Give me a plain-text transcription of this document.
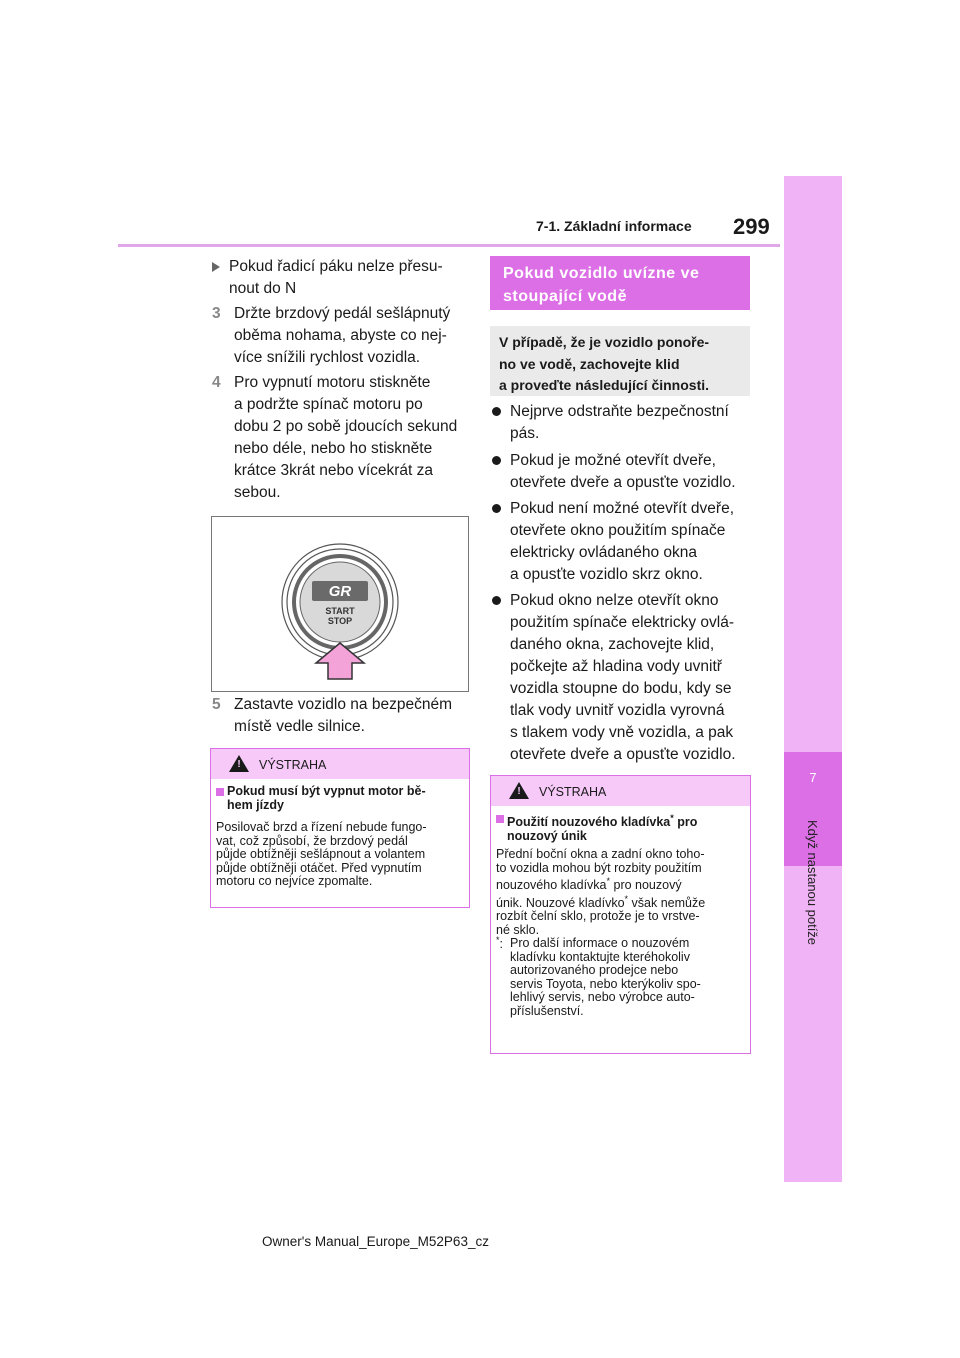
7-1. Základní informace 299
7
Když nastanou potíže
Pokud řadicí páku nelze přesu-
nout do N
3 Držte brzdový pedál sešlápnutý
oběma nohama, abyste co nej-
více snížili rychlost vozidla.
4 Pro vypnutí motoru stiskněte
a podržte spínač motoru po
dobu 2 po sobě jdoucích sekund
nebo déle, nebo ho stiskněte
krátce 3krát nebo vícekrát za
sebou.
GR
START
STOP
5 Zastavte vozidlo na bezpečném
místě vedle silnice.
!	VÝSTRAHA
Pokud musí být vypnut motor bě-
hem jízdy
Posilovač brzd a řízení nebude fungo-
vat, což způsobí, že brzdový pedál
půjde obtížněji sešlápnout a volantem
půjde obtížněji otáčet. Před vypnutím
motoru co nejvíce zpomalte.
Pokud vozidlo uvízne ve
stoupající vodě
V případě, že je vozidlo ponoře-
no ve vodě, zachovejte klid
a proveďte následující činnosti.
Nejprve odstraňte bezpečnostní
pás.
Pokud je možné otevřít dveře,
otevřete dveře a opusťte vozidlo.
Pokud není možné otevřít dveře,
otevřete okno použitím spínače
elektricky ovládaného okna
a opusťte vozidlo skrz okno.
Pokud okno nelze otevřít okno
použitím spínače elektricky ovlá-
daného okna, zachovejte klid,
počkejte až hladina vody uvnitř
vozidla stoupne do bodu, kdy se
tlak vody uvnitř vozidla vyrovná
s tlakem vody vně vozidla, a pak
otevřete dveře a opusťte vozidlo.
!	VÝSTRAHA
Použití nouzového kladívka* pro
nouzový únik
Přední boční okna a zadní okno toho-
to vozidla mohou být rozbity použitím
nouzového kladívka* pro nouzový
únik. Nouzové kladívko* však nemůže
rozbít čelní sklo, protože je to vrstve-
né sklo.
*: Pro další informace o nouzovém
kladívku kontaktujte kteréhokoliv
autorizovaného prodejce nebo
servis Toyota, nebo kterýkoliv spo-
lehlivý servis, nebo výrobce auto-
příslušenství.
Owner's Manual_Europe_M52P63_cz
